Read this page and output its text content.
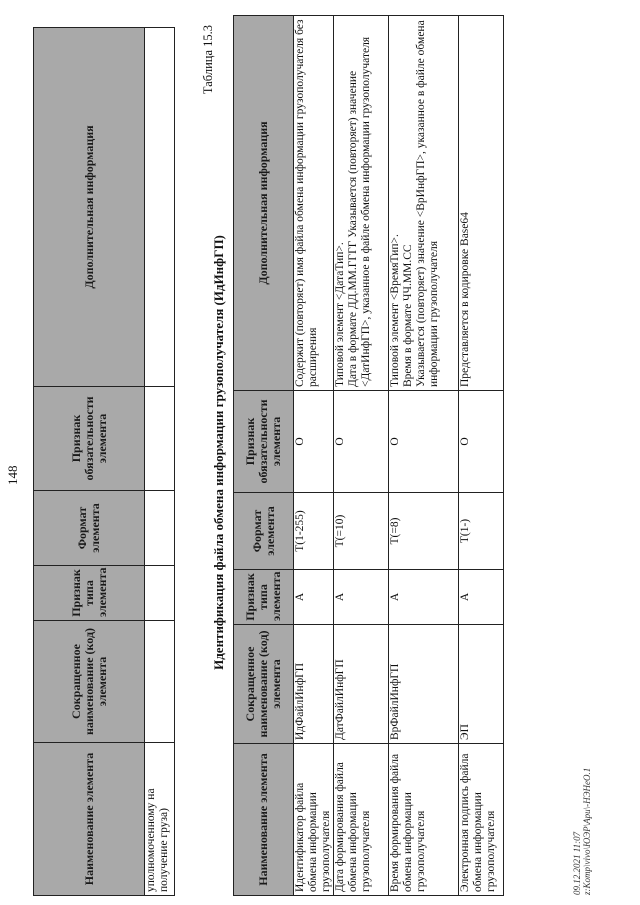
148
Наименование элемента	Сокращенное наименование (код) элемента	Признак типа элемента	Формат элемента	Признак обязательности элемента	Дополнительная информация
уполномоченному на получение груза)					
Таблица 15.3
Идентификация файла обмена информации грузополучателя (ИдИнфГП)
Наименование элемента	Сокращенное наименование (код) элемента	Признак типа элемента	Формат элемента	Признак обязательности элемента	Дополнительная информация
Идентификатор файла обмена информации грузополучателя	ИдФайлИнфГП	А	T(1-255)	О	Содержит (повторяет) имя файла обмена информации грузополучателя без расширения

Дата формирования файла обмена информации грузополучателя	ДатФайлИнфГП	А	T(=10)	О	Типовой элемент <ДатаТип>. Дата в формате ДД.ММ.ГГГГ Указывается (повторяет) значение <ДатИнфГП>, указанное в файле обмена информации грузополучателя

Время формирования файла обмена информации грузополучателя	ВрФайлИнфГП	А	T(=8)	О	Типовой элемент <ВремяТип>. Время в формате ЧЧ.ММ.СС Указывается (повторяет) значение <ВрИнфГП>, указанное в файле обмена информации грузополучателя

Электронная подпись файла обмена информации грузополучателя	ЭП	А	T(1-)	О	Представляется в кодировке Base64
09.12.2021 11:07 z:Komp\vivo\ЮЭР\Ари\-НЭНеО.1
